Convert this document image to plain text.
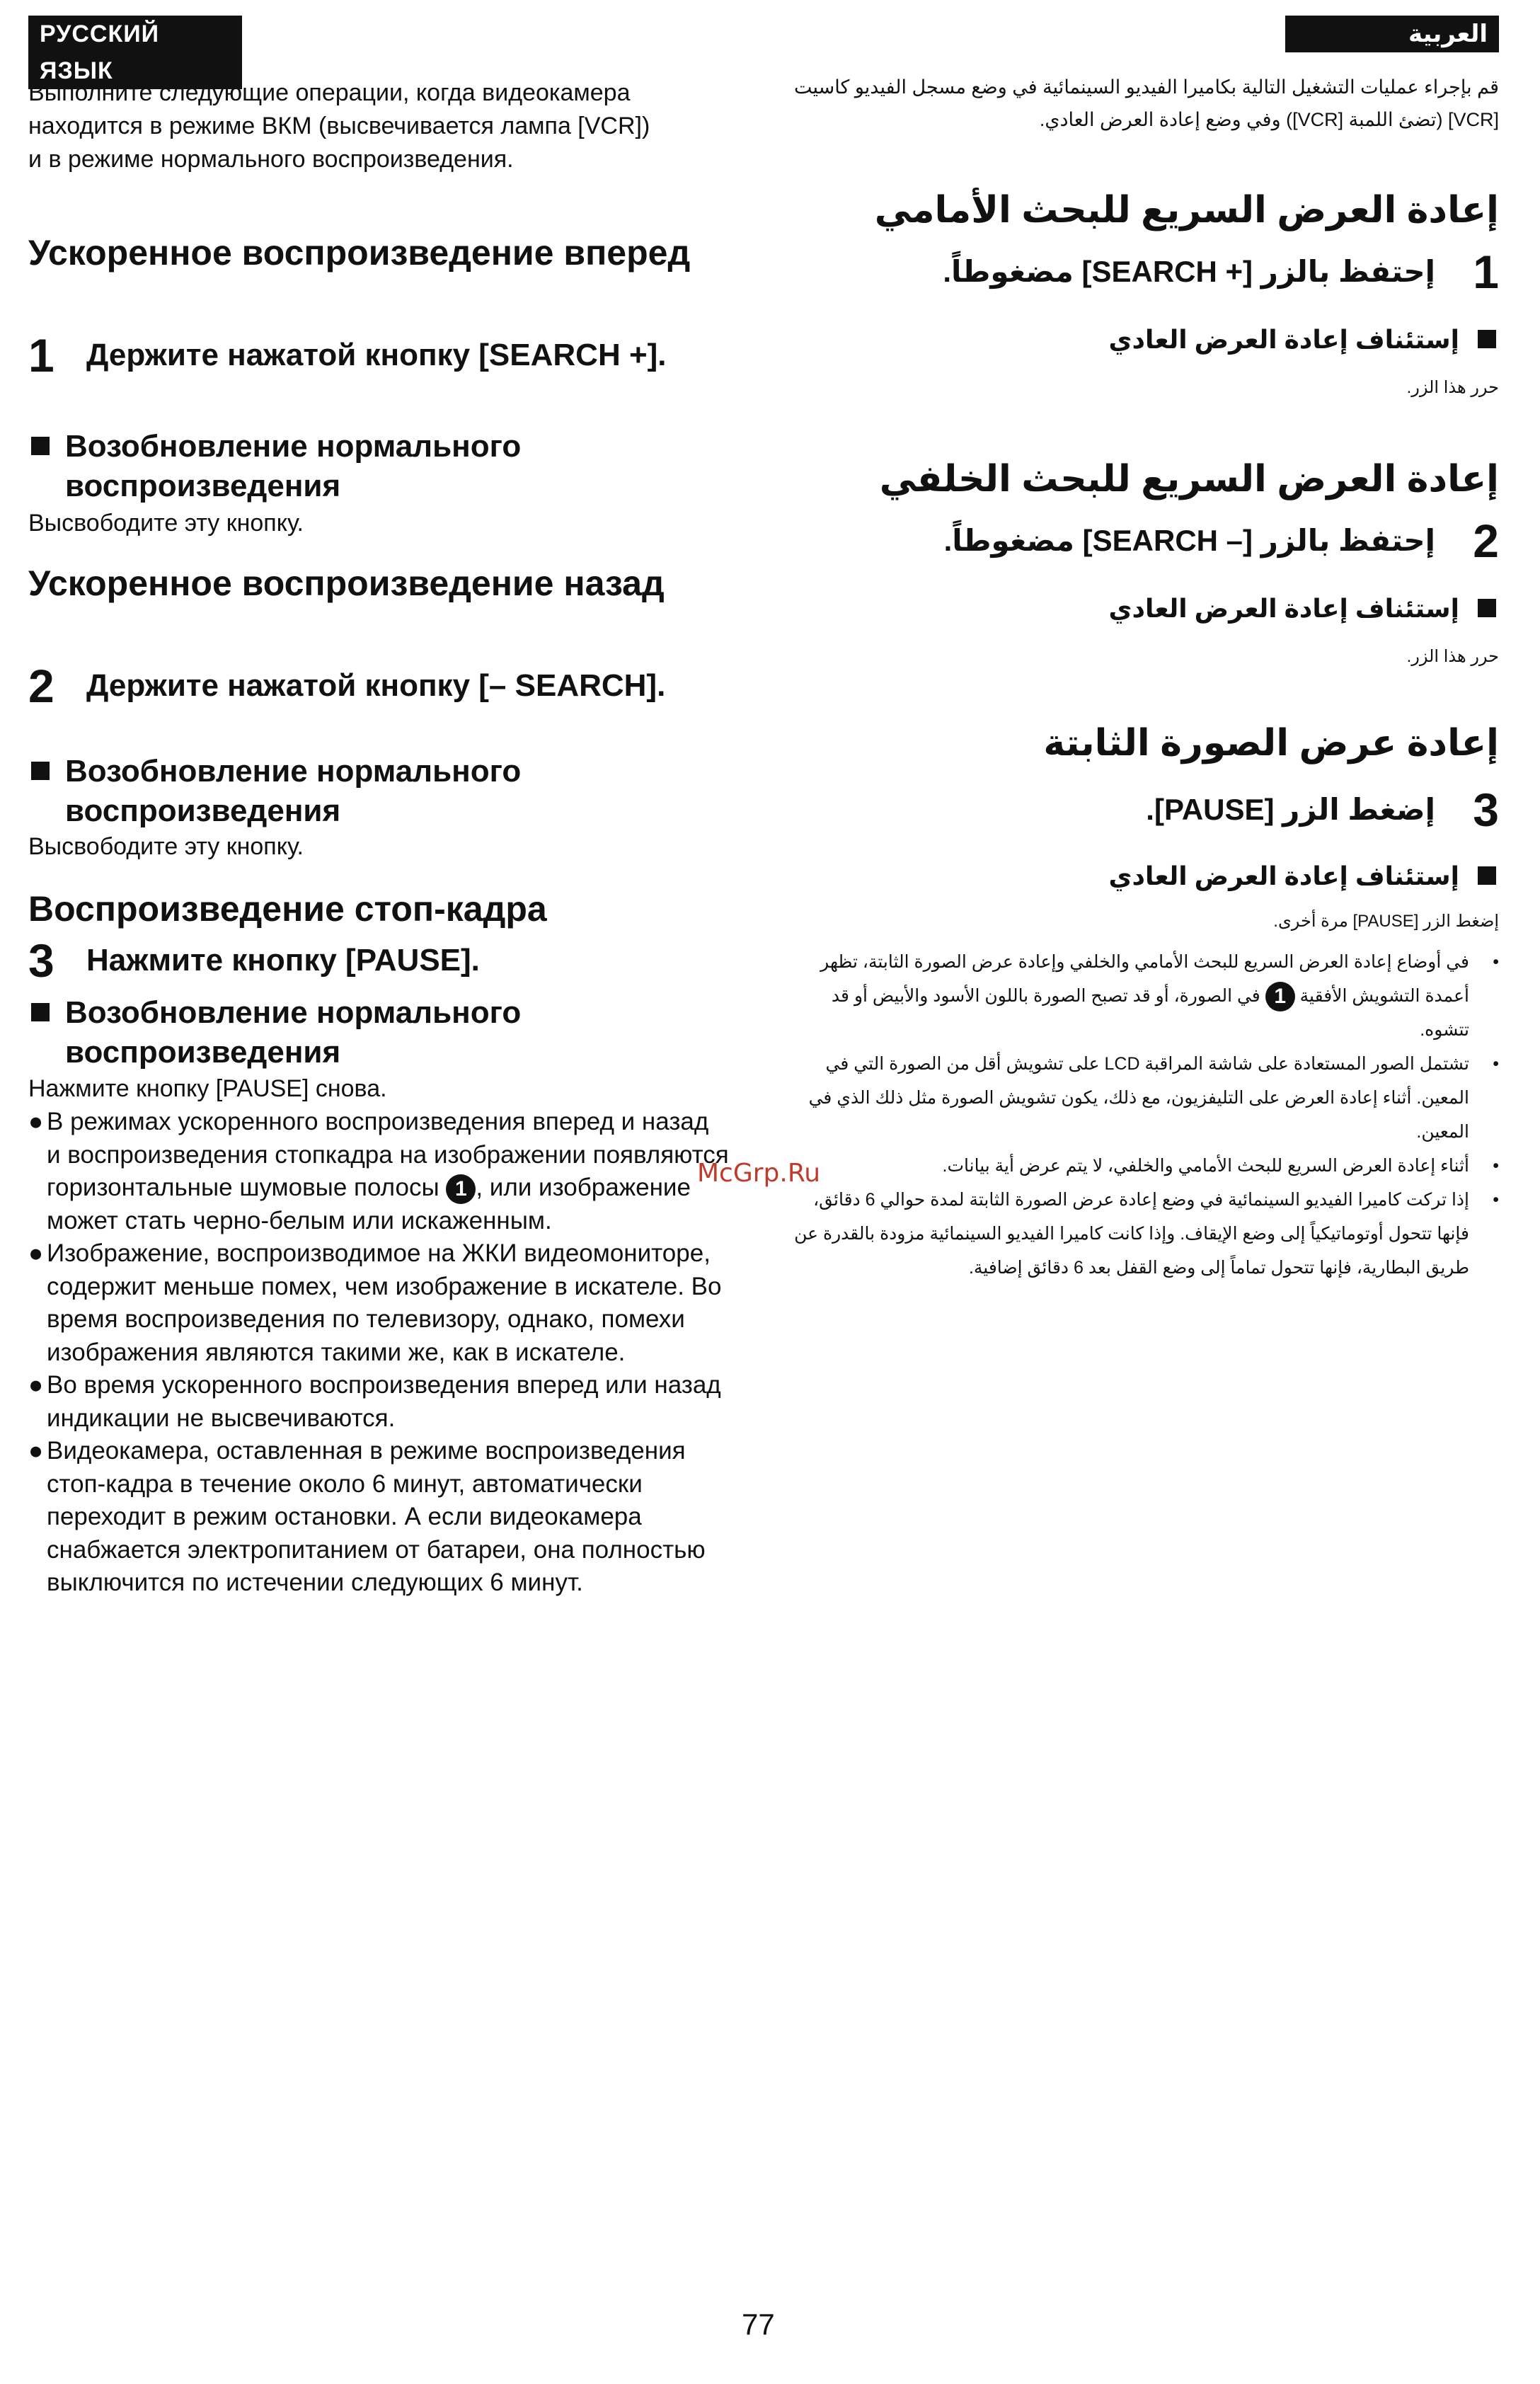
РУССКИЙ ЯЗЫК
العربية

Выполните следующие операции, когда видеокамера находится в режиме ВКМ (высвечивается лампа [VCR]) и в режиме нормального воспроизведения.

Ускоренное воспроизведение вперед
1	Держите нажатой кнопку [SEARCH +].
Возобновление нормального воспроизведения

Высвободите эту кнопку.

Ускоренное воспроизведение назад
2	Держите нажатой кнопку [– SEARCH].
Возобновление нормального воспроизведения

Высвободите эту кнопку.

Воспроизведение стоп-кадра
3	Нажмите кнопку [PAUSE].
Возобновление нормального воспроизведения

Нажмите кнопку [PAUSE] снова.

● В режимах ускоренного воспроизведения вперед и назад и воспроизведения стопкадра на изображении появляются горизонтальные шумовые полосы 1 , или изображение может стать черно-белым или искаженным.
● Изображение, воспроизводимое на ЖКИ видеомониторе, содержит меньше помех, чем изображение в искателе. Во время воспроизведения по телевизору, однако, помехи изображения являются такими же, как в искателе.
● Во время ускоренного воспроизведения вперед или назад индикации не высвечиваются.
● Видеокамера, оставленная в режиме воспроизведения стоп-кадра в течение около 6 минут, автоматически переходит в режим остановки. А если видеокамера снабжается электропитанием от батареи, она полностью выключится по истечении следующих 6 минут.

قم بإجراء عمليات التشغيل التالية بكاميرا الفيديو السينمائية في وضع مسجل الفيديو كاسيت [VCR] (تضئ اللمبة [VCR]) وفي وضع إعادة العرض العادي.

إعادة العرض السريع للبحث الأمامي
1
إحتفظ بالزر [+ SEARCH] مضغوطاً.
إستئناف إعادة العرض العادي

حرر هذا الزر.

إعادة العرض السريع للبحث الخلفي
2
إحتفظ بالزر [– SEARCH] مضغوطاً.
إستئناف إعادة العرض العادي

حرر هذا الزر.

إعادة عرض الصورة الثابتة
3
إضغط الزر [PAUSE].
إستئناف إعادة العرض العادي

إضغط الزر [PAUSE] مرة أخرى.

•
في أوضاع إعادة العرض السريع للبحث الأمامي والخلفي وإعادة عرض الصورة الثابتة، تظهر أعمدة التشويش الأفقية 1 في الصورة، أو قد تصبح الصورة باللون الأسود والأبيض أو قد تتشوه.
•
تشتمل الصور المستعادة على شاشة المراقبة LCD على تشويش أقل من الصورة التي في المعين. أثناء إعادة العرض على التليفزيون، مع ذلك، يكون تشويش الصورة مثل ذلك الذي في المعين.
•
أثناء إعادة العرض السريع للبحث الأمامي والخلفي، لا يتم عرض أية بيانات.
•
إذا تركت كاميرا الفيديو السينمائية في وضع إعادة عرض الصورة الثابتة لمدة حوالي 6 دقائق، فإنها تتحول أوتوماتيكياً إلى وضع الإيقاف. وإذا كانت كاميرا الفيديو السينمائية مزودة بالقدرة عن طريق البطارية، فإنها تتحول تماماً إلى وضع القفل بعد 6 دقائق إضافية.
McGrp.Ru
77
